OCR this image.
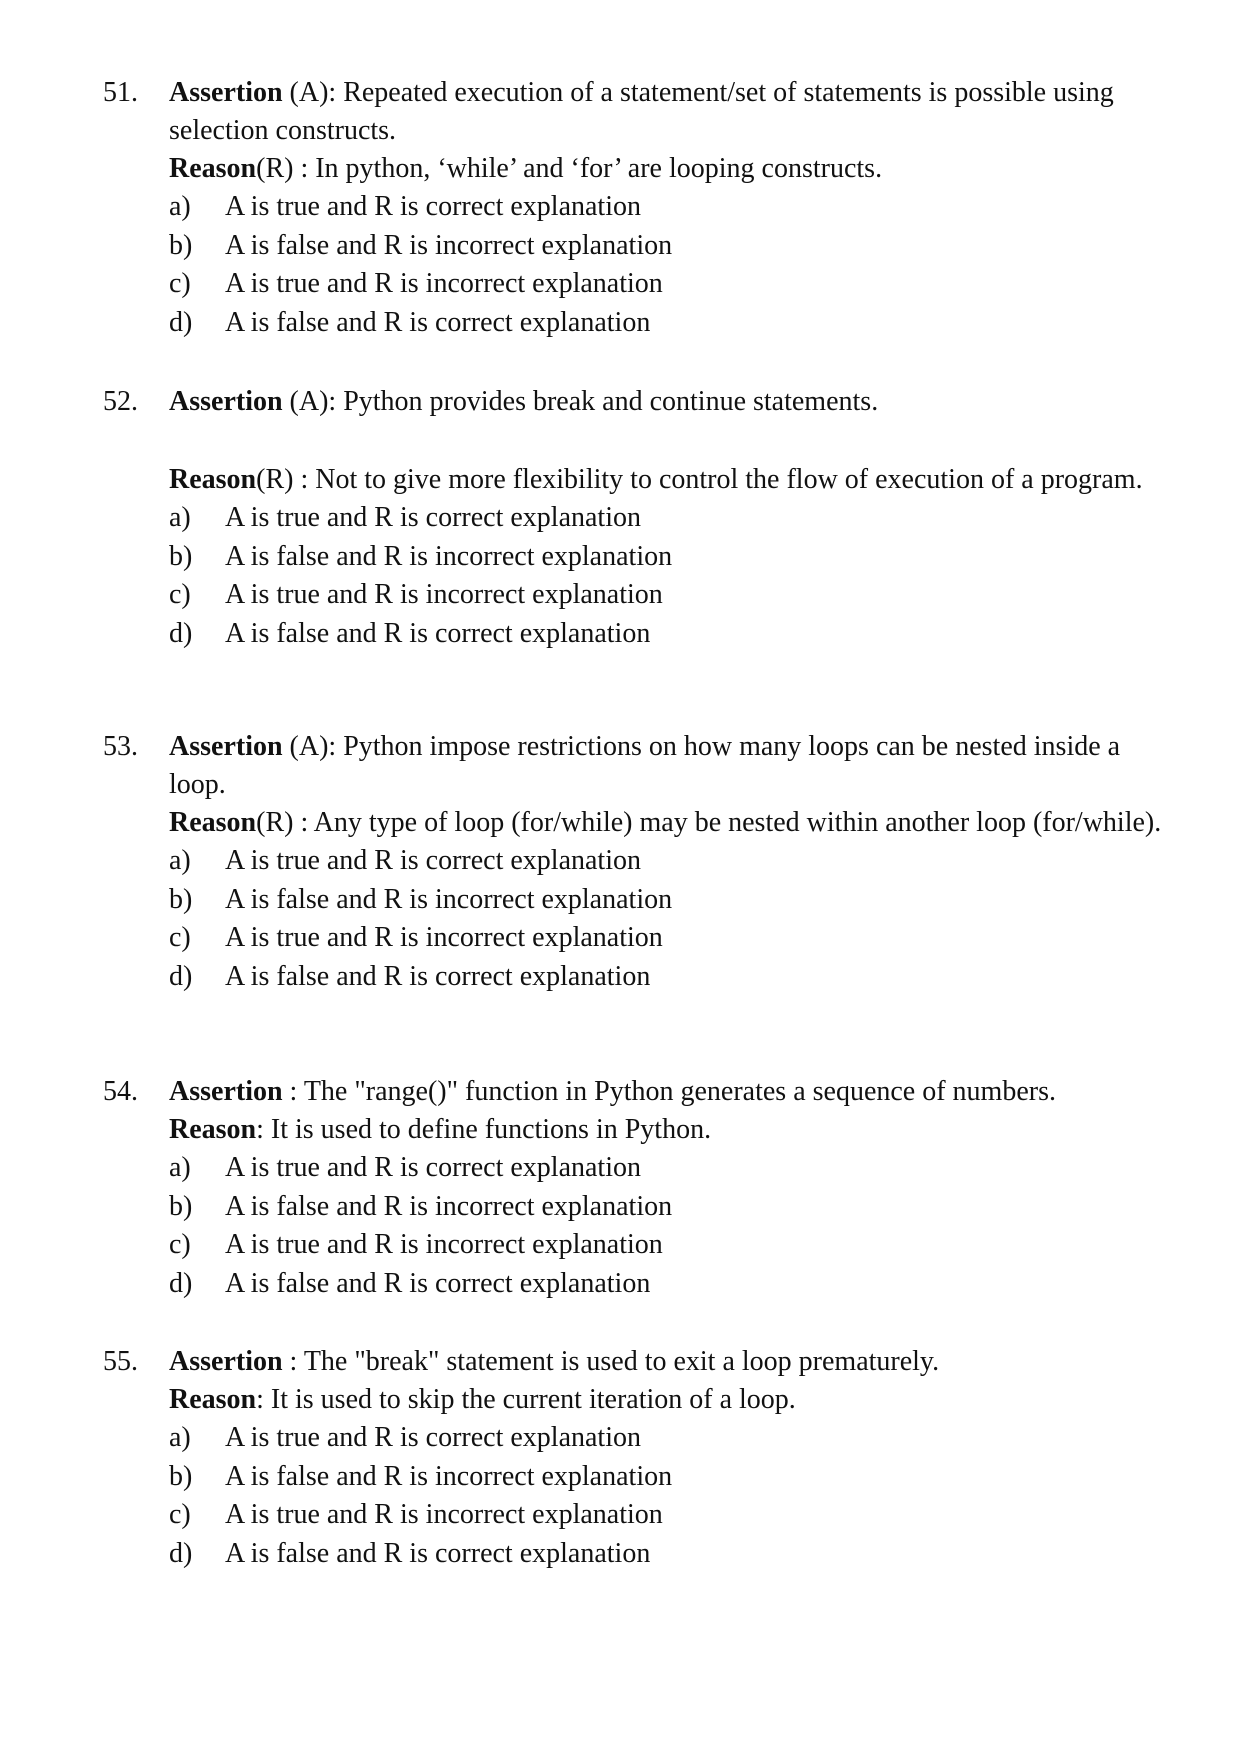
51. Assertion (A): Repeated execution of a statement/set of statements is possible using selection constructs.
Reason(R) : In python, ‘while’ and ‘for’ are looping constructs.
a) A is true and R is correct explanation
b) A is false and R is incorrect explanation
c) A is true and R is incorrect explanation
d) A is false and R is correct explanation
52. Assertion (A): Python provides break and continue statements.
Reason(R) : Not to give more flexibility to control the flow of execution of a program.
a) A is true and R is correct explanation
b) A is false and R is incorrect explanation
c) A is true and R is incorrect explanation
d) A is false and R is correct explanation
53. Assertion (A): Python impose restrictions on how many loops can be nested inside a loop.
Reason(R) : Any type of loop (for/while) may be nested within another loop (for/while).
a) A is true and R is correct explanation
b) A is false and R is incorrect explanation
c) A is true and R is incorrect explanation
d) A is false and R is correct explanation
54. Assertion : The "range()" function in Python generates a sequence of numbers.
Reason: It is used to define functions in Python.
a) A is true and R is correct explanation
b) A is false and R is incorrect explanation
c) A is true and R is incorrect explanation
d) A is false and R is correct explanation
55. Assertion : The "break" statement is used to exit a loop prematurely.
Reason: It is used to skip the current iteration of a loop.
a) A is true and R is correct explanation
b) A is false and R is incorrect explanation
c) A is true and R is incorrect explanation
d) A is false and R is correct explanation
